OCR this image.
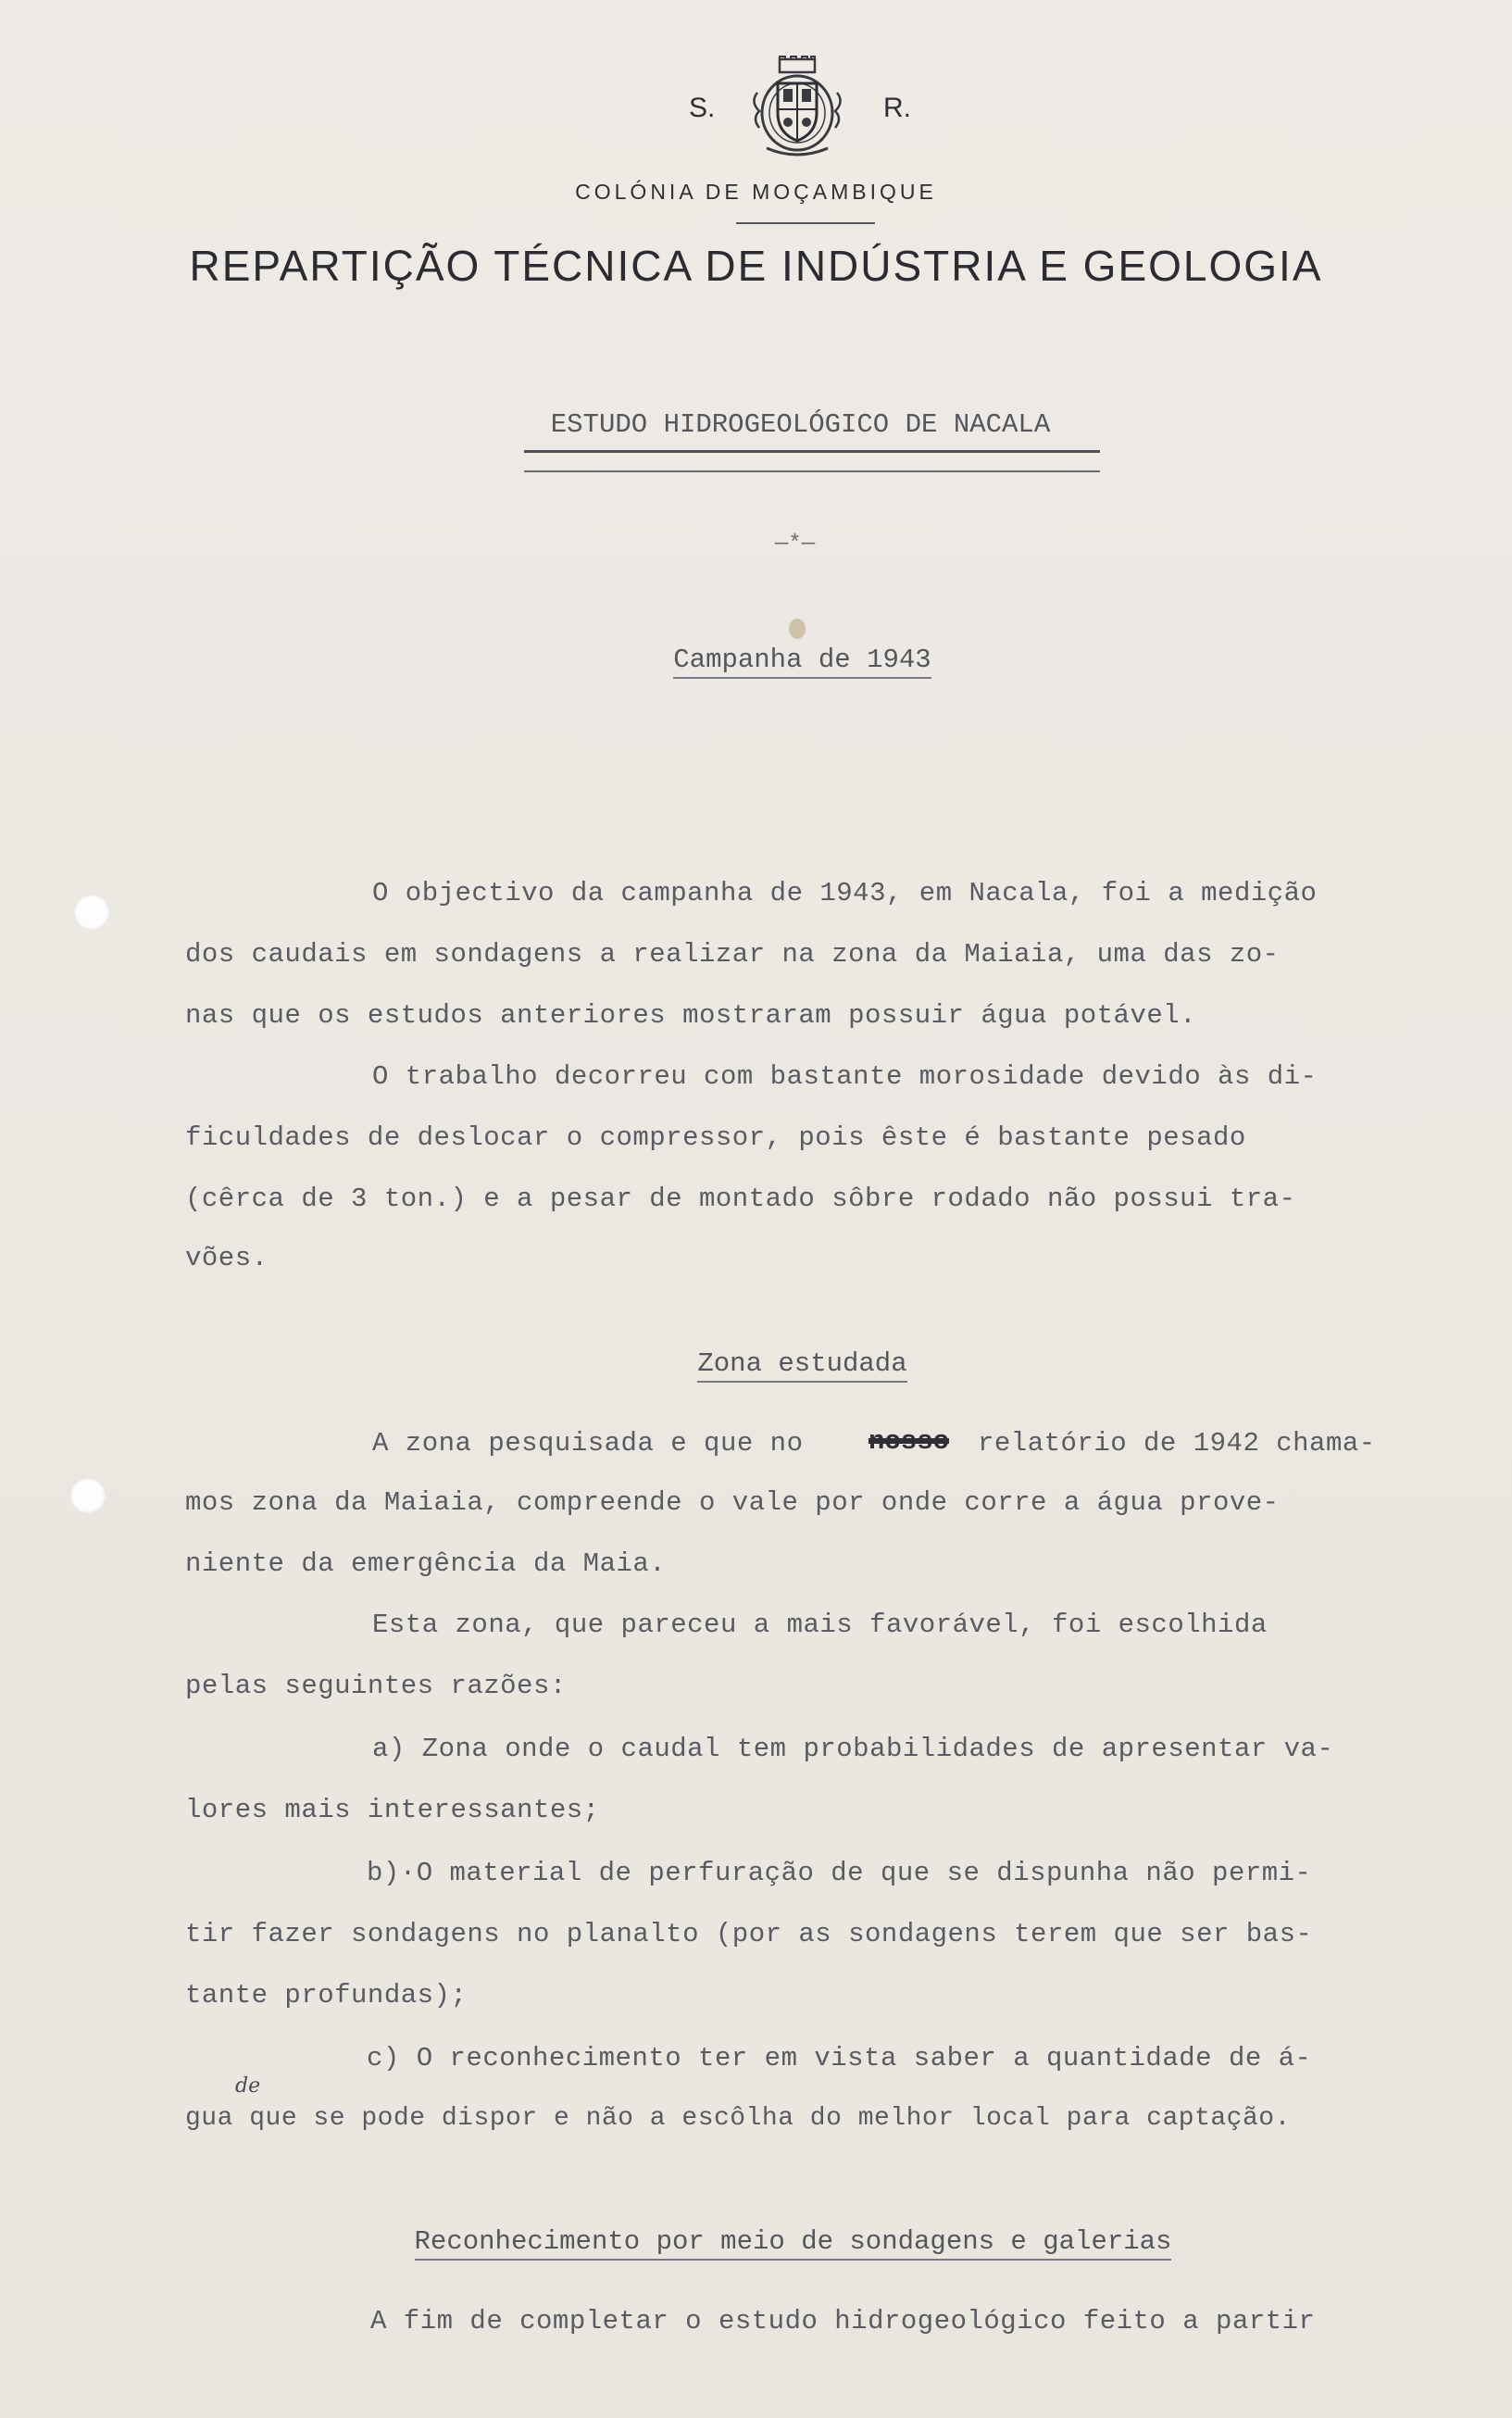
S.	R.
COLÓNIA DE MOÇAMBIQUE
REPARTIÇÃO TÉCNICA DE INDÚSTRIA E GEOLOGIA
ESTUDO HIDROGEOLÓGICO DE NACALA
—*—
Campanha de 1943
O objectivo da campanha de 1943, em Nacala, foi a medição
dos caudais em sondagens a realizar na zona da Maiaia, uma das zo-
nas que os estudos anteriores mostraram possuir água potável.
O trabalho decorreu com bastante morosidade devido às di-
ficuldades de deslocar o compressor, pois êste é bastante pesado
(cêrca de 3 ton.) e a pesar de montado sôbre rodado não possui tra-
vões.
Zona estudada
A zona pesquisada e que no nosso relatório de 1942 chama-
mos zona da Maiaia, compreende o vale por onde corre a água prove-
niente da emergência da Maia.
Esta zona, que pareceu a mais favorável, foi escolhida
pelas seguintes razões:
a) Zona onde o caudal tem probabilidades de apresentar va-
lores mais interessantes;
b)·O material de perfuração de que se dispunha não permi-
tir fazer sondagens no planalto (por as sondagens terem que ser bas-
tante profundas);
c) O reconhecimento ter em vista saber a quantidade de á-
de
gua que se pode dispor e não a escôlha do melhor local para captação.
Reconhecimento por meio de sondagens e galerias
A fim de completar o estudo hidrogeológico feito a partir
